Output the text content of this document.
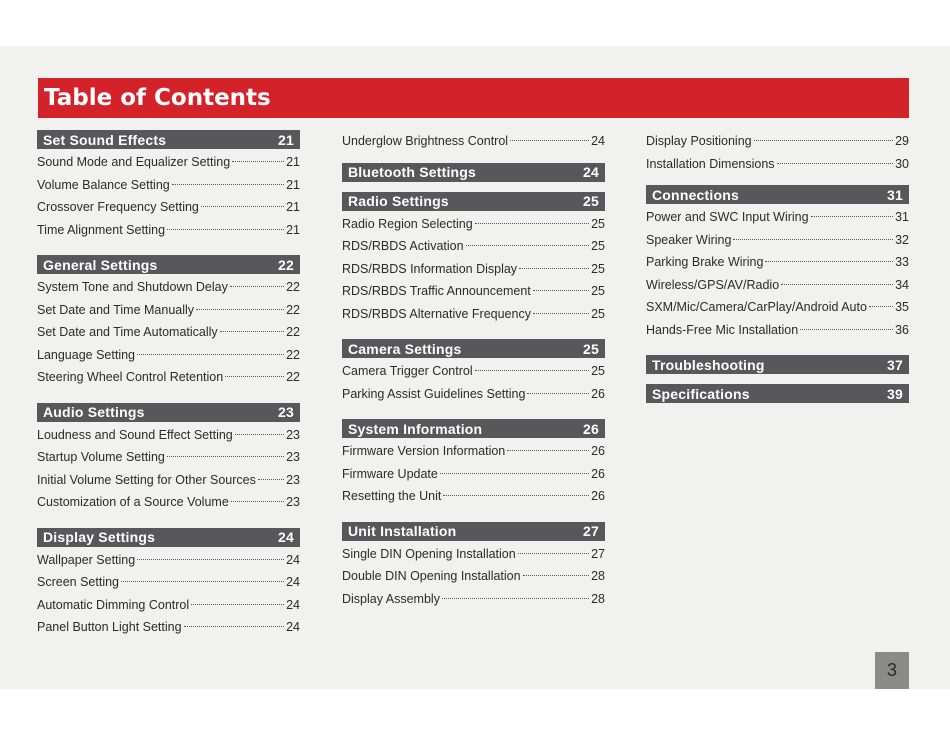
Table of Contents
Set Sound Effects	21
Sound Mode and Equalizer Setting	21
Volume Balance Setting	21
Crossover Frequency Setting	21
Time Alignment Setting	21
General Settings	22
System Tone and Shutdown Delay	22
Set Date and Time Manually	22
Set Date and Time Automatically	22
Language Setting	22
Steering Wheel Control Retention	22
Audio Settings	23
Loudness and Sound Effect Setting	23
Startup Volume Setting	23
Initial Volume Setting for Other Sources 23
Customization of a Source Volume	23
Display Settings	24
Wallpaper Setting	24
Screen Setting	24
Automatic Dimming Control	24
Panel Button Light Setting	24
Underglow Brightness Control	24
Bluetooth Settings	24
Radio Settings	25
Radio Region Selecting	25
RDS/RBDS Activation	25
RDS/RBDS Information Display	25
RDS/RBDS Traffic Announcement	25
RDS/RBDS Alternative Frequency	25
Camera Settings	25
Camera Trigger Control	25
Parking Assist Guidelines Setting	26
System Information	26
Firmware Version Information	26
Firmware Update	26
Resetting the Unit	26
Unit Installation	27
Single DIN Opening Installation	27
Double DIN Opening Installation	28
Display Assembly	28
Display Positioning	29
Installation Dimensions	30
Connections	31
Power and SWC Input Wiring	31
Speaker Wiring	32
Parking Brake Wiring	33
Wireless/GPS/AV/Radio	34
SXM/Mic/Camera/CarPlay/Android Auto 35
Hands-Free Mic Installation	36
Troubleshooting	37
Specifications	39
3
